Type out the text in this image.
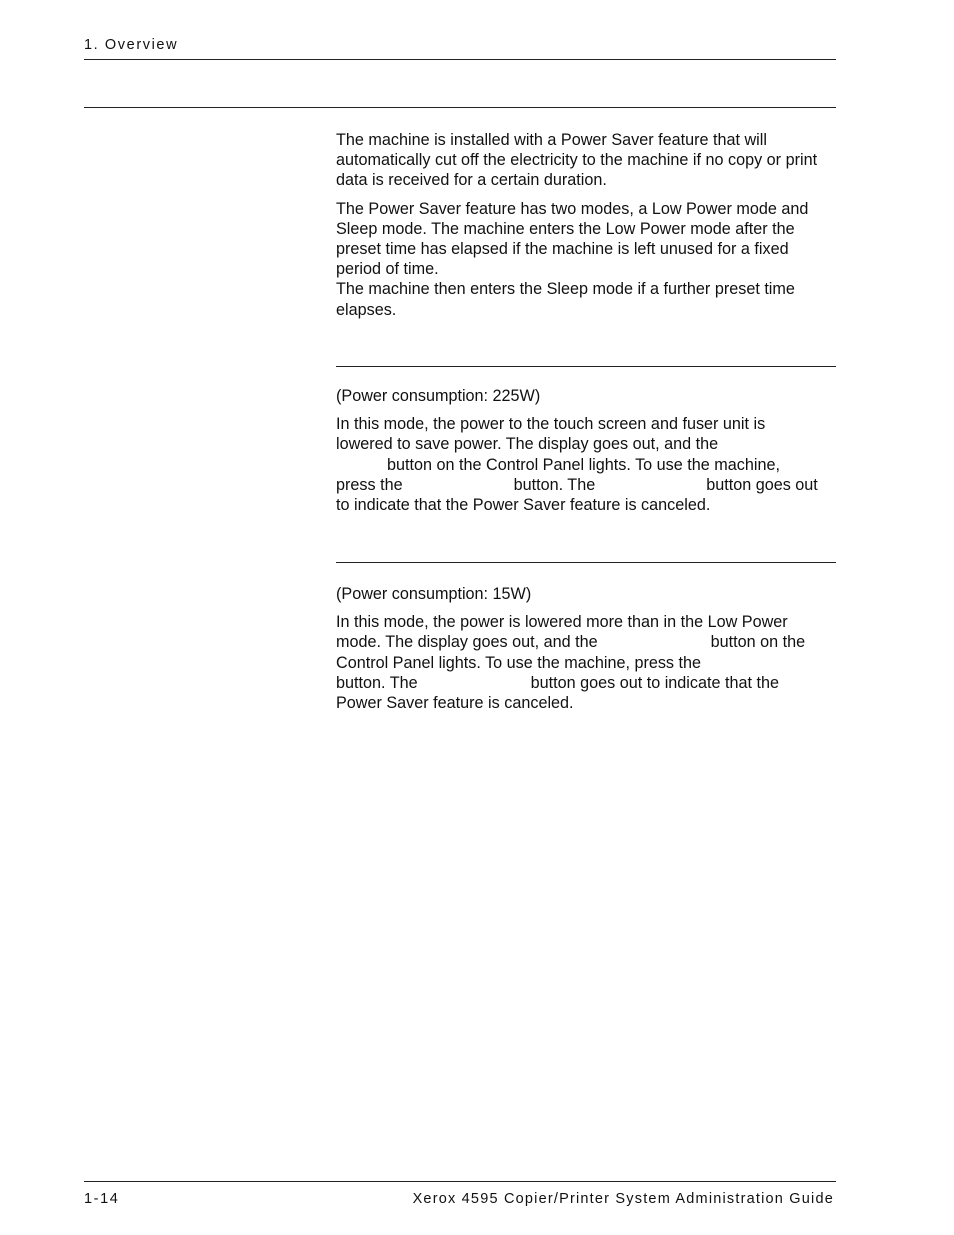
1. Overview

The machine is installed with a Power Saver feature that will automatically cut off the electricity to the machine if no copy or print data is received for a certain duration.

The Power Saver feature has two modes, a Low Power mode and Sleep mode. The machine enters the Low Power mode after the preset time has elapsed if the machine is left unused for a fixed period of time.

The machine then enters the Sleep mode if a further preset time elapses.

(Power consumption: 225W)

In this mode, the power to the touch screen and fuser unit is
lowered to save power. The display goes out, and the
button on the Control Panel lights. To use the machine,
press the	button. The	button goes out
to indicate that the Power Saver feature is canceled.

(Power consumption: 15W)

In this mode, the power is lowered more than in the Low Power
mode. The display goes out, and the	button on the
Control Panel lights. To use the machine, press the
button. The	button goes out to indicate that the
Power Saver feature is canceled.
1-14	Xerox 4595 Copier/Printer System Administration Guide
